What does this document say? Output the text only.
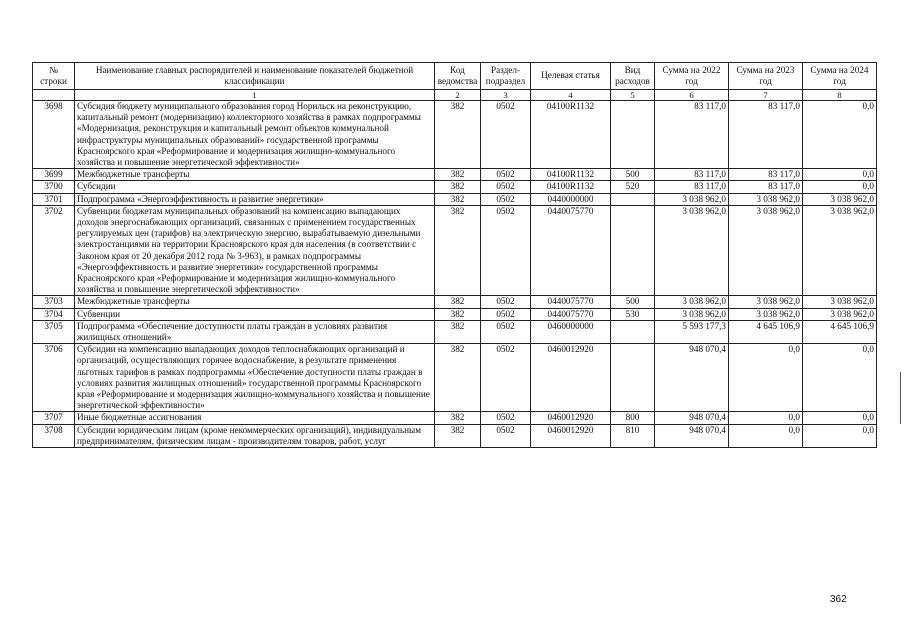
№ строки	Наименование главных распорядителей и наименование показателей бюджетной классификации	Код ведомства	Раздел-подраздел	Целевая статья	Вид расходов	Сумма на 2022 год	Сумма на 2023 год	Сумма на 2024 год
	1	2	3	4	5	6	7	8
3698	Субсидия бюджету муниципального образования город Норильск на реконструкцию, капитальный ремонт (модернизацию) коллекторного хозяйства в рамках подпрограммы «Модернизация, реконструкция и капитальный ремонт объектов коммунальной инфраструктуры муниципальных образований» государственной программы Красноярского края «Реформирование и модернизация жилищно-коммунального хозяйства и повышение энергетической эффективности»	382	0502	04100R1132		83 117,0	83 117,0	0,0
3699	Межбюджетные трансферты	382	0502	04100R1132	500	83 117,0	83 117,0	0,0
3700	Субсидии	382	0502	04100R1132	520	83 117,0	83 117,0	0,0
3701	Подпрограмма «Энергоэффективность и развитие энергетики»	382	0502	0440000000		3 038 962,0	3 038 962,0	3 038 962,0
3702	Субвенции бюджетам муниципальных образований на компенсацию выпадающих доходов энергоснабжающих организаций, связанных с применением государственных регулируемых цен (тарифов) на электрическую энергию, вырабатываемую дизельными электростанциями на территории Красноярского края для населения (в соответствии с Законом края от 20 декабря 2012 года № 3-963), в рамках подпрограммы «Энергоэффективность и развитие энергетики» государственной программы Красноярского края «Реформирование и модернизация жилищно-коммунального хозяйства и повышение энергетической эффективности»	382	0502	0440075770		3 038 962,0	3 038 962,0	3 038 962,0
3703	Межбюджетные трансферты	382	0502	0440075770	500	3 038 962,0	3 038 962,0	3 038 962,0
3704	Субвенции	382	0502	0440075770	530	3 038 962,0	3 038 962,0	3 038 962,0
3705	Подпрограмма «Обеспечение доступности платы граждан в условиях развития жилищных отношений»	382	0502	0460000000		5 593 177,3	4 645 106,9	4 645 106,9
3706	Субсидии на компенсацию выпадающих доходов теплоснабжающих организаций и организаций, осуществляющих горячее водоснабжение, в результате применения льготных тарифов в рамках подпрограммы «Обеспечение доступности платы граждан в условиях развития жилищных отношений» государственной программы Красноярского края «Реформирование и модернизация жилищно-коммунального хозяйства и повышение энергетической эффективности»	382	0502	0460012920		948 070,4	0,0	0,0
3707	Иные бюджетные ассигнования	382	0502	0460012920	800	948 070,4	0,0	0,0
3708	Субсидии юридическим лицам (кроме некоммерческих организаций), индивидуальным предпринимателям, физическим лицам - производителям товаров, работ, услуг	382	0502	0460012920	810	948 070,4	0,0	0,0
362
